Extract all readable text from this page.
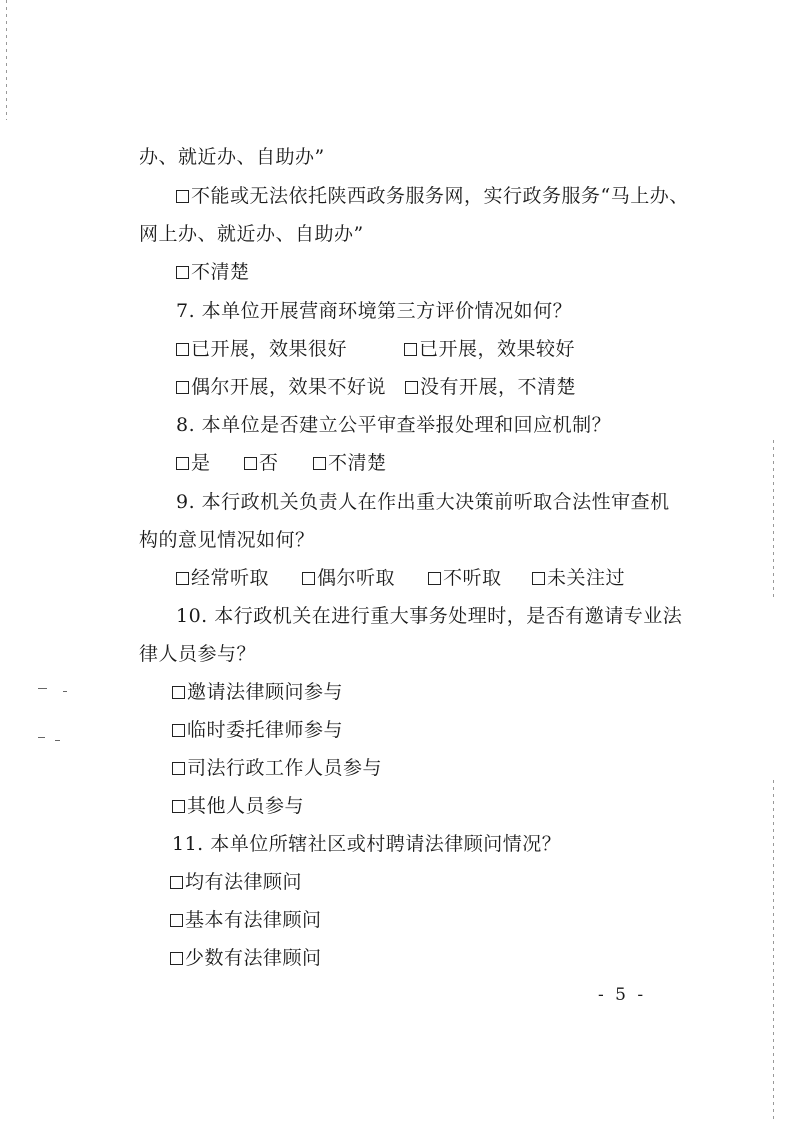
办、就近办、自助办”
不能或无法依托陕西政务服务网，实行政务服务“马上办、
网上办、就近办、自助办”
不清楚
7. 本单位开展营商环境第三方评价情况如何？
已开展，效果很好	已开展，效果较好
偶尔开展，效果不好说	没有开展，不清楚
8. 本单位是否建立公平审查举报处理和回应机制？
是	否	不清楚
9. 本行政机关负责人在作出重大决策前听取合法性审查机
构的意见情况如何？
经常听取	偶尔听取	不听取	未关注过
10. 本行政机关在进行重大事务处理时，是否有邀请专业法
律人员参与？
邀请法律顾问参与
临时委托律师参与
司法行政工作人员参与
其他人员参与
11. 本单位所辖社区或村聘请法律顾问情况？
均有法律顾问
基本有法律顾问
少数有法律顾问
- 5 -
